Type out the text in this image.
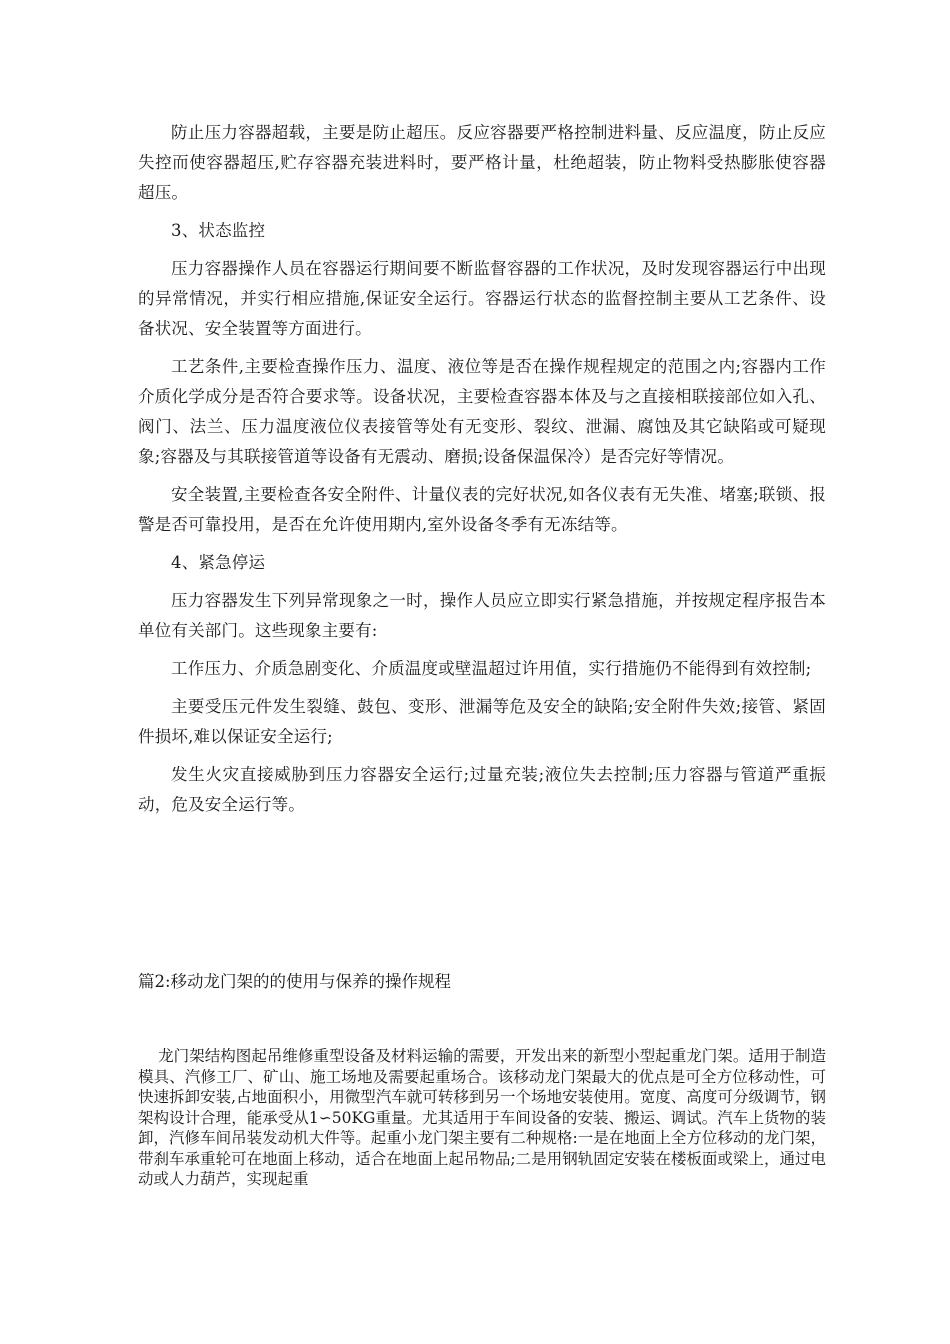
防止压力容器超载，主要是防止超压。反应容器要严格控制进料量、反应温度，防止反应失控而使容器超压,贮存容器充装进料时，要严格计量，杜绝超装，防止物料受热膨胀使容器超压。

3、状态监控

压力容器操作人员在容器运行期间要不断监督容器的工作状况，及时发现容器运行中出现的异常情况，并实行相应措施,保证安全运行。容器运行状态的监督控制主要从工艺条件、设备状况、安全装置等方面进行。

工艺条件,主要检查操作压力、温度、液位等是否在操作规程规定的范围之内;容器内工作介质化学成分是否符合要求等。设备状况，主要检查容器本体及与之直接相联接部位如入孔、阀门、法兰、压力温度液位仪表接管等处有无变形、裂纹、泄漏、腐蚀及其它缺陷或可疑现象;容器及与其联接管道等设备有无震动、磨损;设备保温保冷）是否完好等情况。

安全装置,主要检查各安全附件、计量仪表的完好状况,如各仪表有无失准、堵塞;联锁、报警是否可靠投用，是否在允许使用期内,室外设备冬季有无冻结等。

4、紧急停运

压力容器发生下列异常现象之一时，操作人员应立即实行紧急措施，并按规定程序报告本单位有关部门。这些现象主要有:

工作压力、介质急剧变化、介质温度或壁温超过许用值，实行措施仍不能得到有效控制;

主要受压元件发生裂缝、鼓包、变形、泄漏等危及安全的缺陷;安全附件失效;接管、紧固件损坏,难以保证安全运行;

发生火灾直接威胁到压力容器安全运行;过量充装;液位失去控制;压力容器与管道严重振动，危及安全运行等。

篇2:移动龙门架的的使用与保养的操作规程

龙门架结构图起吊维修重型设备及材料运输的需要，开发出来的新型小型起重龙门架。适用于制造模具、汽修工厂、矿山、施工场地及需要起重场合。该移动龙门架最大的优点是可全方位移动性，可快速拆卸安装,占地面积小，用微型汽车就可转移到另一个场地安装使用。宽度、高度可分级调节，钢架构设计合理，能承受从1∽50KG重量。尤其适用于车间设备的安装、搬运、调试。汽车上货物的装卸，汽修车间吊装发动机大件等。起重小龙门架主要有二种规格:一是在地面上全方位移动的龙门架，带刹车承重轮可在地面上移动，适合在地面上起吊物品;二是用钢轨固定安装在楼板面或梁上，通过电动或人力葫芦，实现起重
